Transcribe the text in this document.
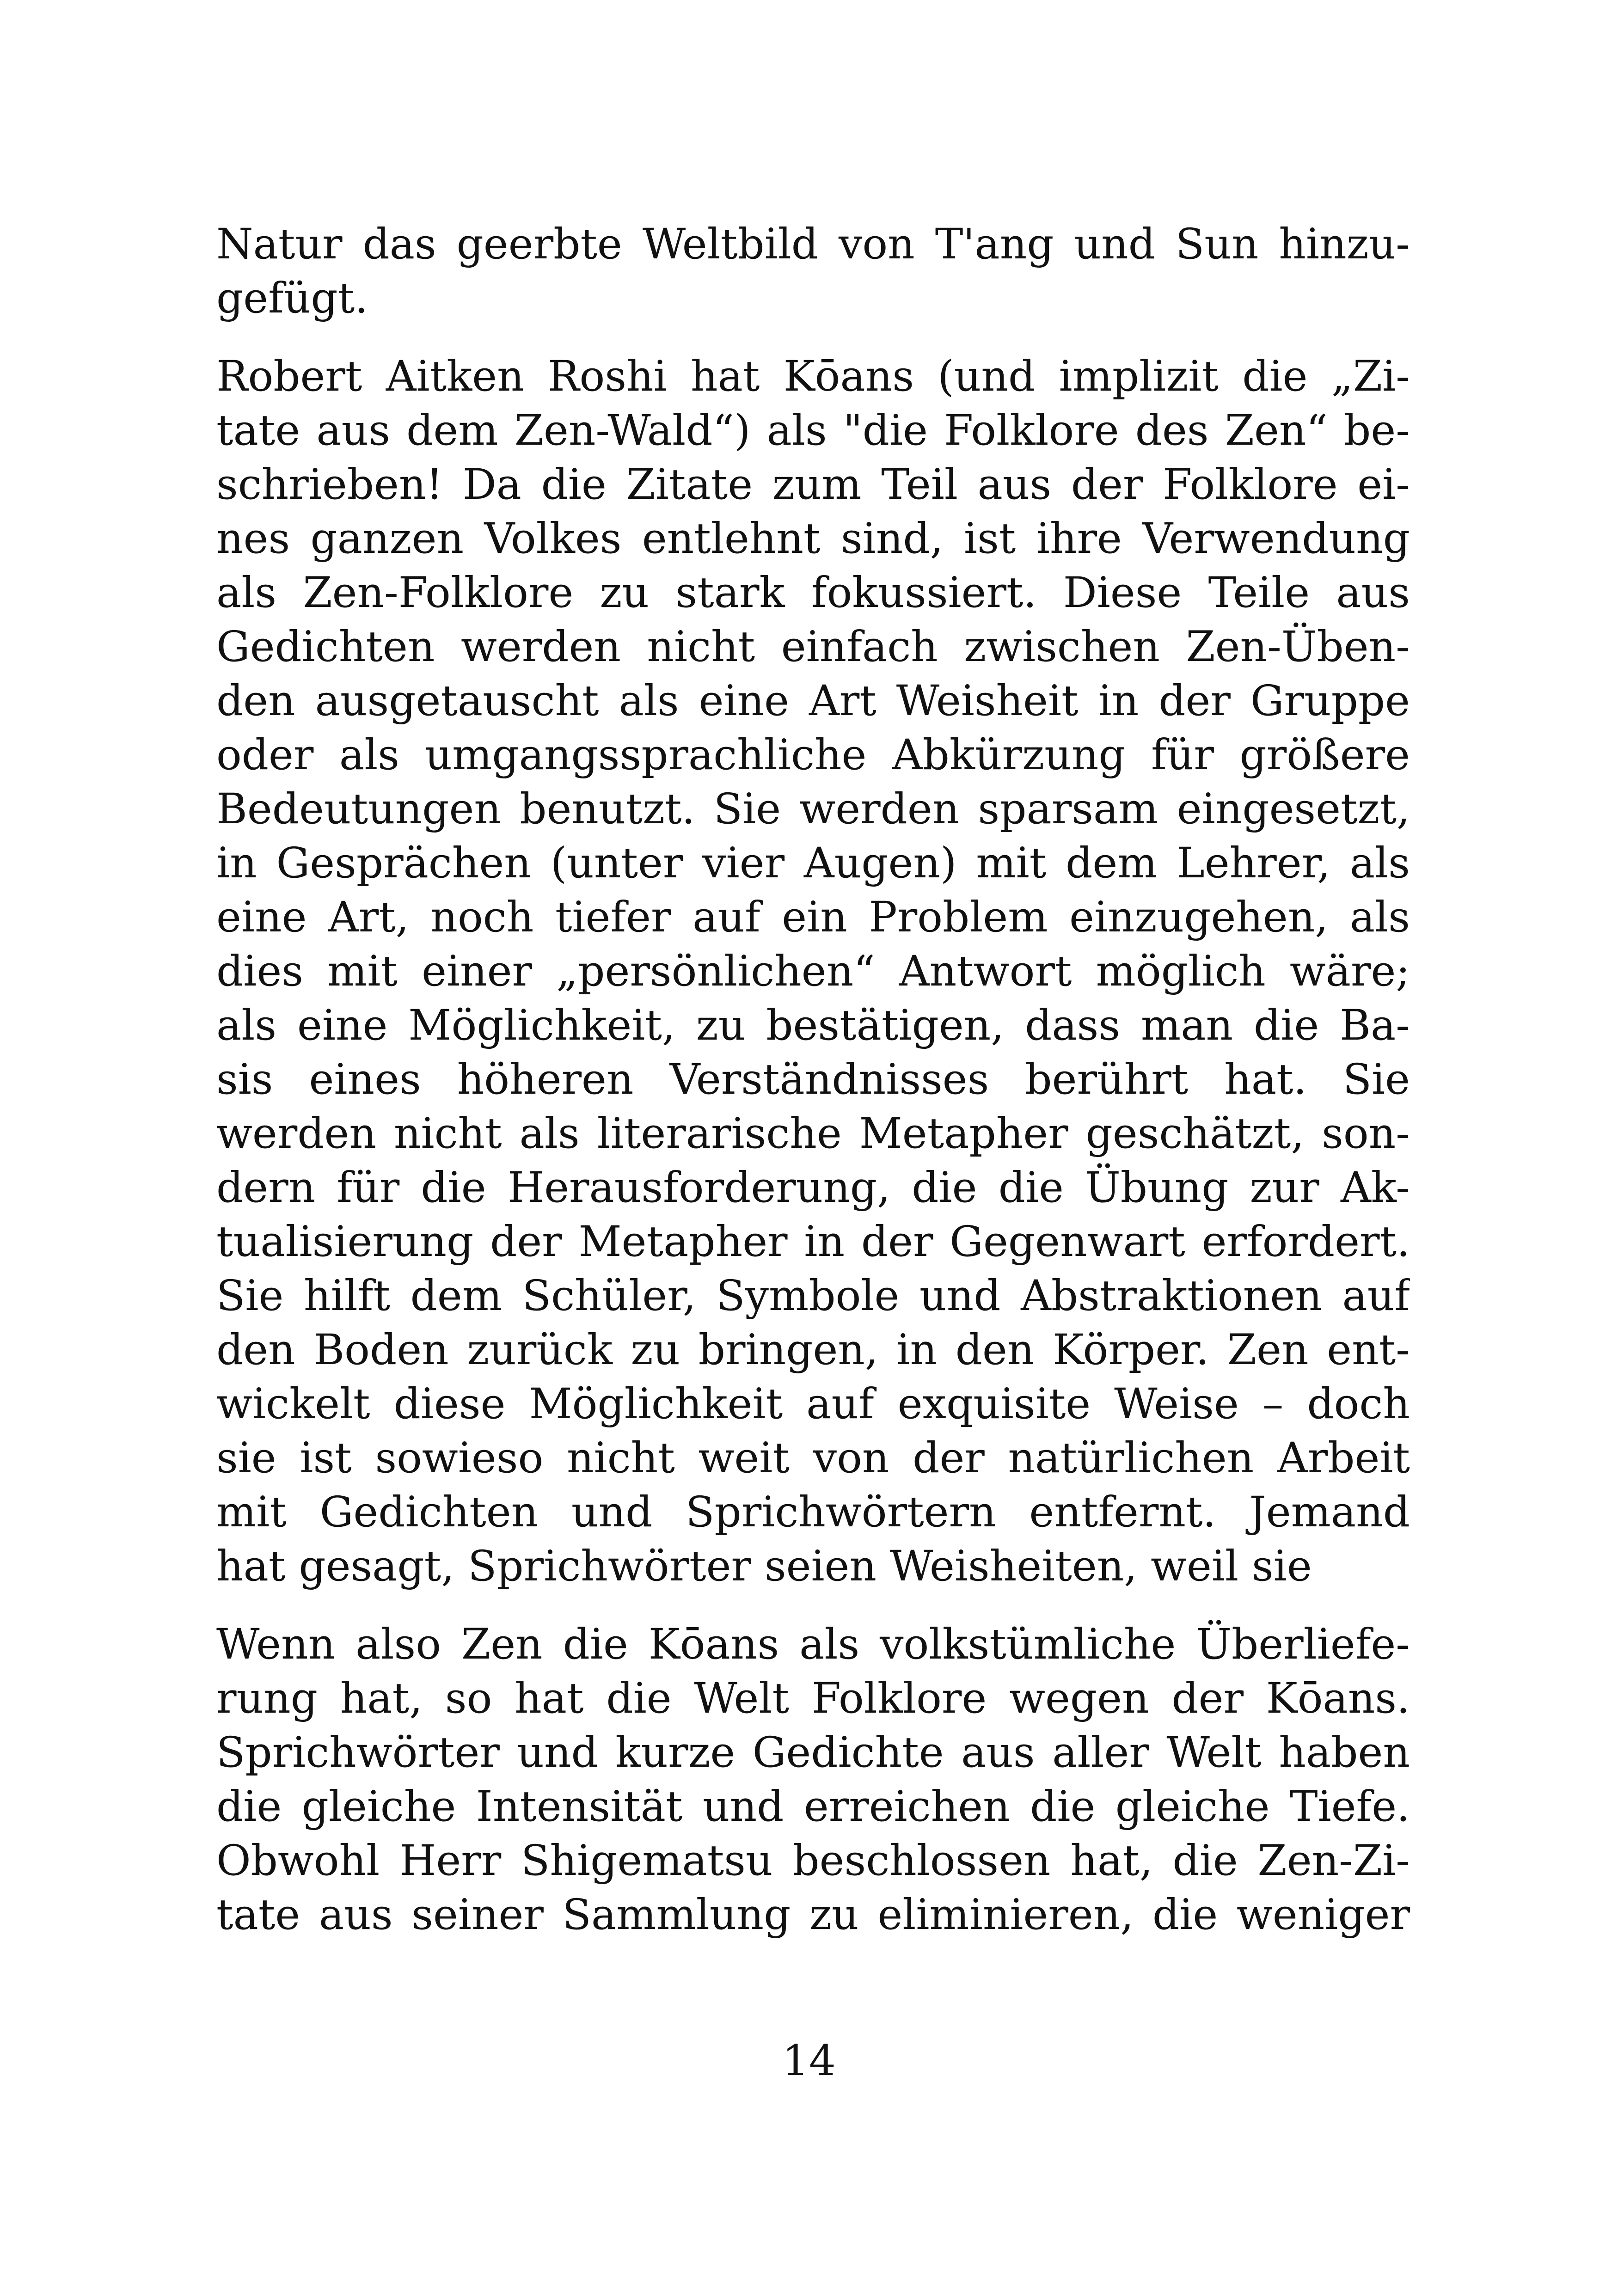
Natur das geerbte Weltbild von T'ang und Sun hinzu-
gefügt.
Robert Aitken Roshi hat Kōans (und implizit die „Zi-
tate aus dem Zen-Wald“) als "die Folklore des Zen“ be-
schrieben! Da die Zitate zum Teil aus der Folklore ei-
nes ganzen Volkes entlehnt sind, ist ihre Verwendung
als Zen-Folklore zu stark fokussiert. Diese Teile aus
Gedichten werden nicht einfach zwischen Zen-Üben-
den ausgetauscht als eine Art Weisheit in der Gruppe
oder als umgangssprachliche Abkürzung für größere
Bedeutungen benutzt. Sie werden sparsam eingesetzt,
in Gesprächen (unter vier Augen) mit dem Lehrer, als
eine Art, noch tiefer auf ein Problem einzugehen, als
dies mit einer „persönlichen“ Antwort möglich wäre;
als eine Möglichkeit, zu bestätigen, dass man die Ba-
sis eines höheren Verständnisses berührt hat. Sie
werden nicht als literarische Metapher geschätzt, son-
dern für die Herausforderung, die die Übung zur Ak-
tualisierung der Metapher in der Gegenwart erfordert.
Sie hilft dem Schüler, Symbole und Abstraktionen auf
den Boden zurück zu bringen, in den Körper. Zen ent-
wickelt diese Möglichkeit auf exquisite Weise – doch
sie ist sowieso nicht weit von der natürlichen Arbeit
mit Gedichten und Sprichwörtern entfernt. Jemand
hat gesagt, Sprichwörter seien Weisheiten, weil sie
Wenn also Zen die Kōans als volkstümliche Überliefe-
rung hat, so hat die Welt Folklore wegen der Kōans.
Sprichwörter und kurze Gedichte aus aller Welt haben
die gleiche Intensität und erreichen die gleiche Tiefe.
Obwohl Herr Shigematsu beschlossen hat, die Zen-Zi-
tate aus seiner Sammlung zu eliminieren, die weniger
14
